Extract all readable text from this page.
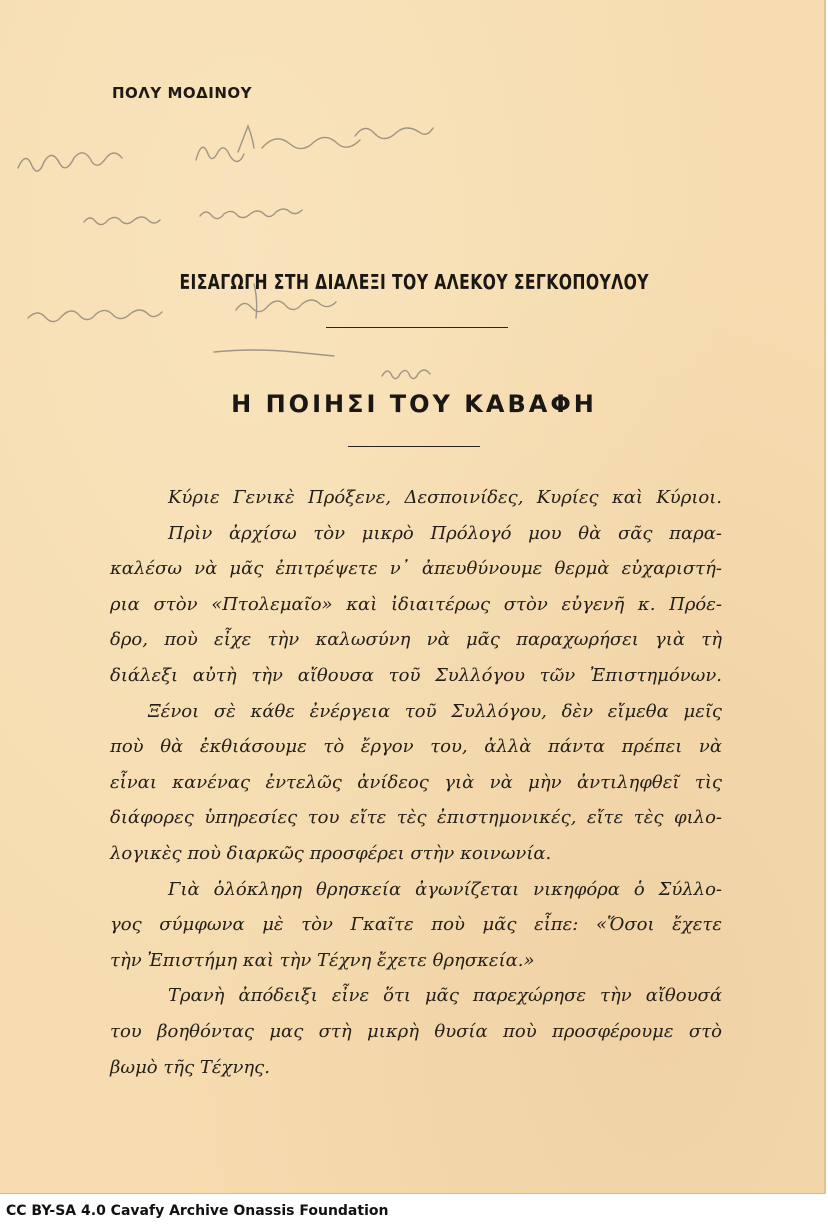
ΠΟΛΥ ΜΟΔΙΝΟΥ

ΕΙΣΑΓΩΓΗ ΣΤΗ ΔΙΑΛΕΞΙ ΤΟΥ ΑΛΕΚΟΥ ΣΕΓΚΟΠΟΥΛΟΥ
Η ΠΟΙΗΣΙ ΤΟΥ ΚΑΒΑΦΗ
Κύριε Γενικὲ Πρόξενε, Δεσποινίδες, Κυρίες καὶ Κύριοι.
Πρὶν ἀρχίσω τὸν μικρὸ Πρόλογό μου θὰ σᾶς παρα-
καλέσω νὰ μᾶς ἐπιτρέψετε ν᾽ ἀπευθύνουμε θερμὰ εὐχαριστή-
ρια στὸν «Πτολεμαῖο» καὶ ἰδιαιτέρως στὸν εὐγενῆ κ. Πρόε-
δρο, ποὺ εἶχε τὴν καλωσύνη νὰ μᾶς παραχωρήσει γιὰ τὴ
διάλεξι αὐτὴ τὴν αἴθουσα τοῦ Συλλόγου τῶν Ἐπιστημόνων.
Ξένοι σὲ κάθε ἐνέργεια τοῦ Συλλόγου, δὲν εἴμεθα μεῖς
ποὺ θὰ ἐκθιάσουμε τὸ ἔργον του, ἀλλὰ πάντα πρέπει νὰ
εἶναι κανένας ἐντελῶς ἀνίδεος γιὰ νὰ μὴν ἀντιληφθεῖ τὶς
διάφορες ὑπηρεσίες του εἴτε τὲς ἐπιστημονικές, εἴτε τὲς φιλο-
λογικὲς ποὺ διαρκῶς προσφέρει στὴν κοινωνία.
Γιὰ ὁλόκληρη θρησκεία ἀγωνίζεται νικηφόρα ὁ Σύλλο-
γος σύμφωνα μὲ τὸν Γκαῖτε ποὺ μᾶς εἶπε: «Ὅσοι ἔχετε
τὴν Ἐπιστήμη καὶ τὴν Τέχνη ἔχετε θρησκεία.»
Τρανὴ ἀπόδειξι εἶνε ὅτι μᾶς παρεχώρησε τὴν αἴθουσά
του βοηθόντας μας στὴ μικρὴ θυσία ποὺ προσφέρουμε στὸ
βωμὸ τῆς Τέχνης.

CC BY-SA 4.0 Cavafy Archive Onassis Foundation
